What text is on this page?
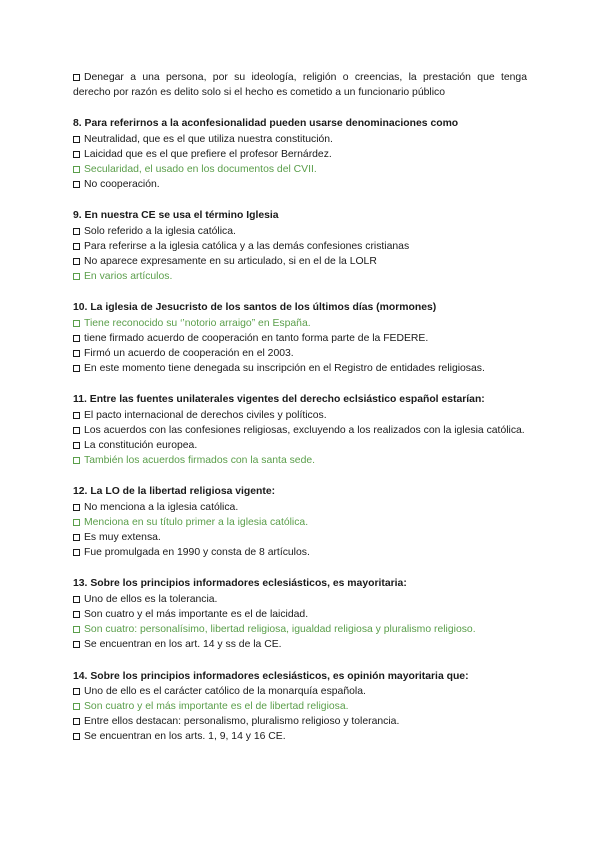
Denegar a una persona, por su ideología, religión o creencias, la prestación que tenga
derecho por razón es delito solo si el hecho es cometido a un funcionario público
8. Para referirnos a la aconfesionalidad pueden usarse denominaciones como
Neutralidad, que es el que utiliza nuestra constitución.
Laicidad que es el que prefiere el profesor Bernárdez.
Secularidad, el usado en los documentos del CVII.
No cooperación.
9. En nuestra CE se usa el término Iglesia
Solo referido a la iglesia católica.
Para referirse a la iglesia católica y a las demás confesiones cristianas
No aparece expresamente en su articulado, si en el de la LOLR
En varios artículos.
10. La iglesia de Jesucristo de los santos de los últimos días (mormones)
Tiene reconocido su ‘’notorio arraigo” en España.
tiene firmado acuerdo de cooperación en tanto forma parte de la FEDERE.
Firmó un acuerdo de cooperación en el 2003.
En este momento tiene denegada su inscripción en el Registro de entidades religiosas.
11. Entre las fuentes unilaterales vigentes del derecho eclsiástico español estarían:
El pacto internacional de derechos civiles y políticos.
Los acuerdos con las confesiones religiosas, excluyendo a los realizados con la iglesia católica.
La constitución europea.
También los acuerdos firmados con la santa sede.
12. La LO de la libertad religiosa vigente:
No menciona a la iglesia católica.
Menciona en su título primer a la iglesia católica.
Es muy extensa.
Fue promulgada en 1990 y consta de 8 artículos.
13. Sobre los principios informadores eclesiásticos, es mayoritaria:
Uno de ellos es la tolerancia.
Son cuatro y el más importante es el de laicidad.
Son cuatro: personalísimo, libertad religiosa, igualdad religiosa y pluralismo religioso.
Se encuentran en los art. 14 y ss de la CE.
14. Sobre los principios informadores eclesiásticos, es opinión mayoritaria que:
Uno de ello es el carácter católico de la monarquía española.
Son cuatro y el más importante es el de libertad religiosa.
Entre ellos destacan: personalismo, pluralismo religioso y tolerancia.
Se encuentran en los arts. 1, 9, 14 y 16 CE.
